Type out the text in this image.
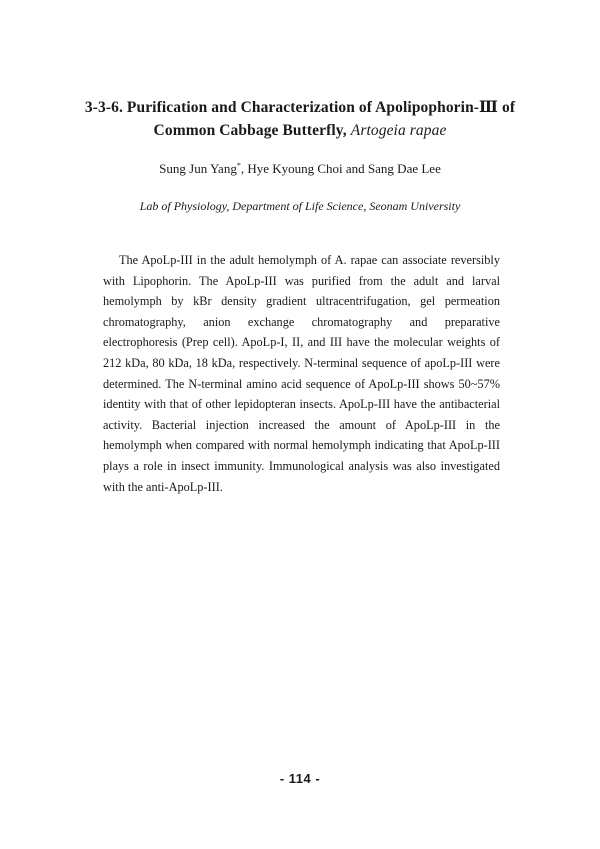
3-3-6. Purification and Characterization of Apolipophorin-Ⅲ of
Common Cabbage Butterfly, Artogeia rapae
Sung Jun Yang*, Hye Kyoung Choi and Sang Dae Lee
Lab of Physiology, Department of Life Science, Seonam University

The ApoLp-III in the adult hemolymph of A. rapae can associate reversibly with Lipophorin. The ApoLp-III was purified from the adult and larval hemolymph by kBr density gradient ultracentrifugation, gel permeation chromatography, anion exchange chromatography and preparative electrophoresis (Prep cell). ApoLp-I, II, and III have the molecular weights of 212 kDa, 80 kDa, 18 kDa, respectively. N-terminal sequence of apoLp-III were determined. The N-terminal amino acid sequence of ApoLp-III shows 50~57% identity with that of other lepidopteran insects. ApoLp-III have the antibacterial activity. Bacterial injection increased the amount of ApoLp-III in the hemolymph when compared with normal hemolymph indicating that ApoLp-III plays a role in insect immunity. Immunological analysis was also investigated with the anti-ApoLp-III.

- 114 -
